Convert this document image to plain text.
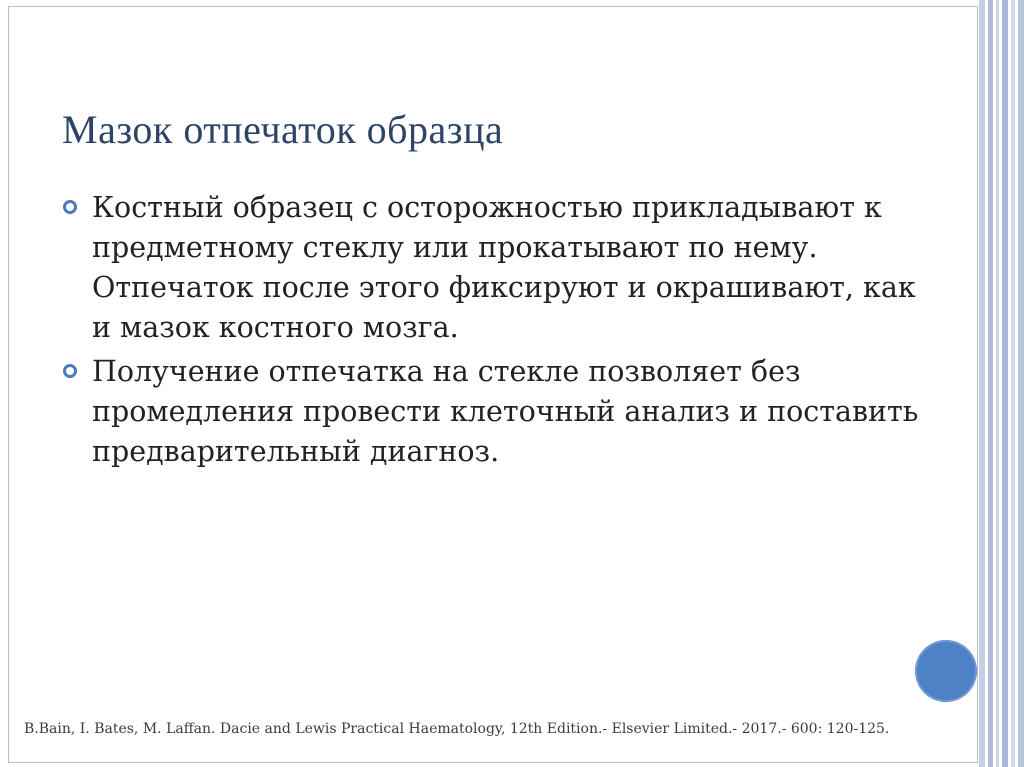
Мазок отпечаток образца
Костный образец с осторожностью прикладывают к предметному стеклу или прокатывают по нему. Отпечаток после этого фиксируют и окрашивают, как и мазок костного мозга.
Получение отпечатка на стекле позволяет без промедления провести клеточный анализ и поставить предварительный диагноз.

B.Bain, I. Bates, M. Laffan. Dacie and Lewis Practical Haematology, 12th Edition.- Elsevier Limited.- 2017.- 600: 120-125.
